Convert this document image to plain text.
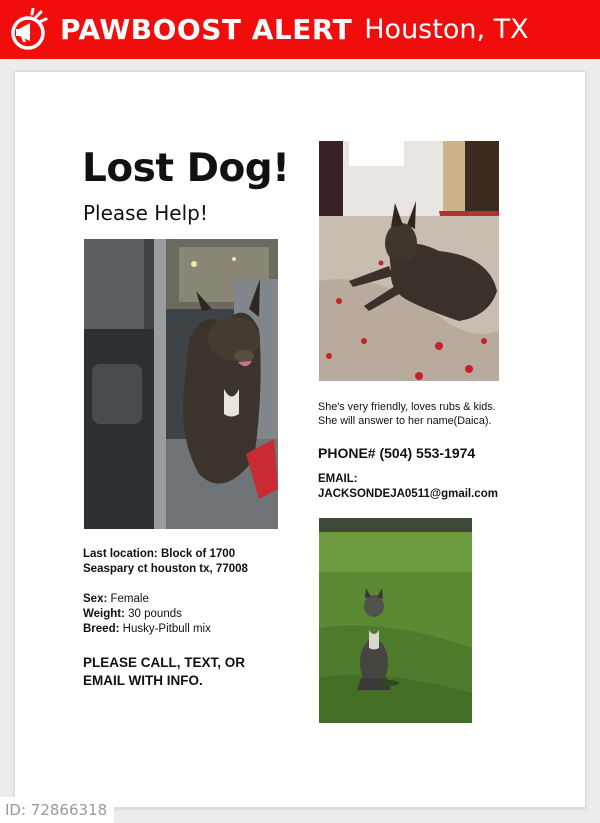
PAWBOOST ALERT Houston, TX
Lost Dog!
Please Help!
Last location: Block of 1700
Seaspary ct houston tx, 77008
Sex: Female
Weight: 30 pounds
Breed: Husky-Pitbull mix
PLEASE CALL, TEXT, OR
EMAIL WITH INFO.
She's very friendly, loves rubs & kids.
She will answer to her name(Daica).
PHONE# (504) 553-1974
EMAIL:
JACKSONDEJA0511@gmail.com
ID: 72866318
